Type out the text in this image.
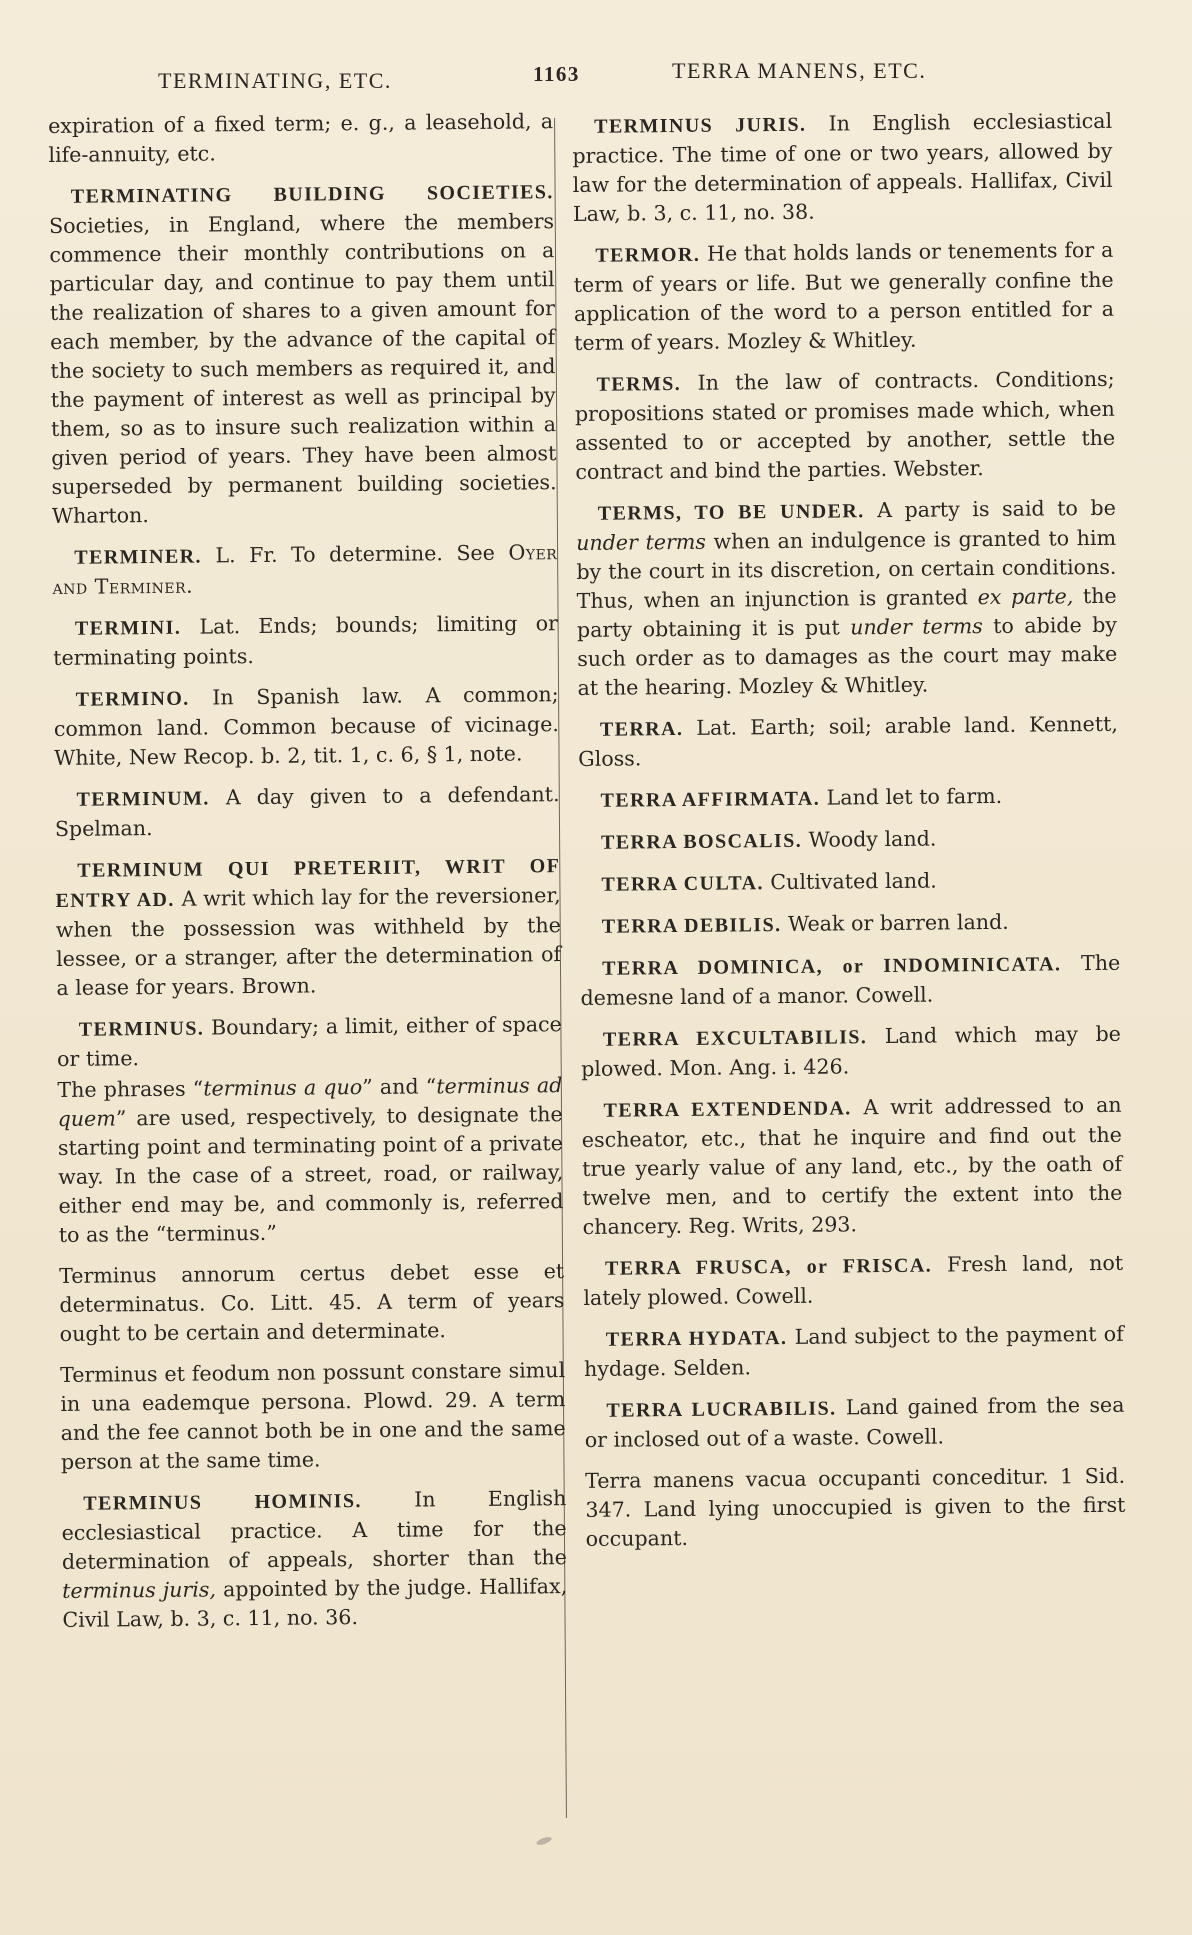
TERMINATING, ETC.	1163	TERRA MANENS, ETC.

expiration of a fixed term; e. g., a leasehold, a life-annuity, etc.

TERMINATING BUILDING SOCIETIES. Societies, in England, where the members commence their monthly contributions on a particular day, and continue to pay them until the realization of shares to a given amount for each member, by the advance of the capital of the society to such members as required it, and the payment of interest as well as principal by them, so as to insure such realization within a given period of years. They have been almost superseded by permanent building societies. Wharton.

TERMINER. L. Fr. To determine. See Oyer and Terminer.

TERMINI. Lat. Ends; bounds; limiting or terminating points.

TERMINO. In Spanish law. A common; common land. Common because of vicinage. White, New Recop. b. 2, tit. 1, c. 6, § 1, note.

TERMINUM. A day given to a defendant. Spelman.

TERMINUM QUI PRETERIIT, WRIT OF ENTRY AD. A writ which lay for the reversioner, when the possession was withheld by the lessee, or a stranger, after the determination of a lease for years. Brown.

TERMINUS. Boundary; a limit, either of space or time.

The phrases “terminus a quo” and “terminus ad quem” are used, respectively, to designate the starting point and terminating point of a private way. In the case of a street, road, or railway, either end may be, and commonly is, referred to as the “terminus.”

Terminus annorum certus debet esse et determinatus. Co. Litt. 45. A term of years ought to be certain and determinate.

Terminus et feodum non possunt constare simul in una eademque persona. Plowd. 29. A term and the fee cannot both be in one and the same person at the same time.

TERMINUS HOMINIS.	In English ecclesiastical practice. A time for the determination of appeals, shorter than the terminus juris, appointed by the judge. Hallifax, Civil Law, b. 3, c. 11, no. 36.

TERMINUS JURIS. In English ecclesiastical practice. The time of one or two years, allowed by law for the determination of appeals. Hallifax, Civil Law, b. 3, c. 11, no. 38.

TERMOR. He that holds lands or tenements for a term of years or life. But we generally confine the application of the word to a person entitled for a term of years. Mozley & Whitley.

TERMS. In the law of contracts. Conditions; propositions stated or promises made which, when assented to or accepted by another, settle the contract and bind the parties. Webster.

TERMS, TO BE UNDER. A party is said to be under terms when an indulgence is granted to him by the court in its discretion, on certain conditions. Thus, when an injunction is granted ex parte, the party obtaining it is put under terms to abide by such order as to damages as the court may make at the hearing. Mozley & Whitley.

TERRA. Lat. Earth; soil; arable land. Kennett, Gloss.

TERRA AFFIRMATA. Land let to farm.

TERRA BOSCALIS. Woody land.

TERRA CULTA. Cultivated land.

TERRA DEBILIS. Weak or barren land.

TERRA DOMINICA, or INDOMINICATA. The demesne land of a manor. Cowell.

TERRA EXCULTABILIS. Land which may be plowed. Mon. Ang. i. 426.

TERRA EXTENDENDA. A writ addressed to an escheator, etc., that he inquire and find out the true yearly value of any land, etc., by the oath of twelve men, and to certify the extent into the chancery. Reg. Writs, 293.

TERRA FRUSCA, or FRISCA. Fresh land, not lately plowed. Cowell.

TERRA HYDATA. Land subject to the payment of hydage. Selden.

TERRA LUCRABILIS. Land gained from the sea or inclosed out of a waste. Cowell.

Terra manens vacua occupanti conceditur. 1 Sid. 347. Land lying unoccupied is given to the first occupant.
